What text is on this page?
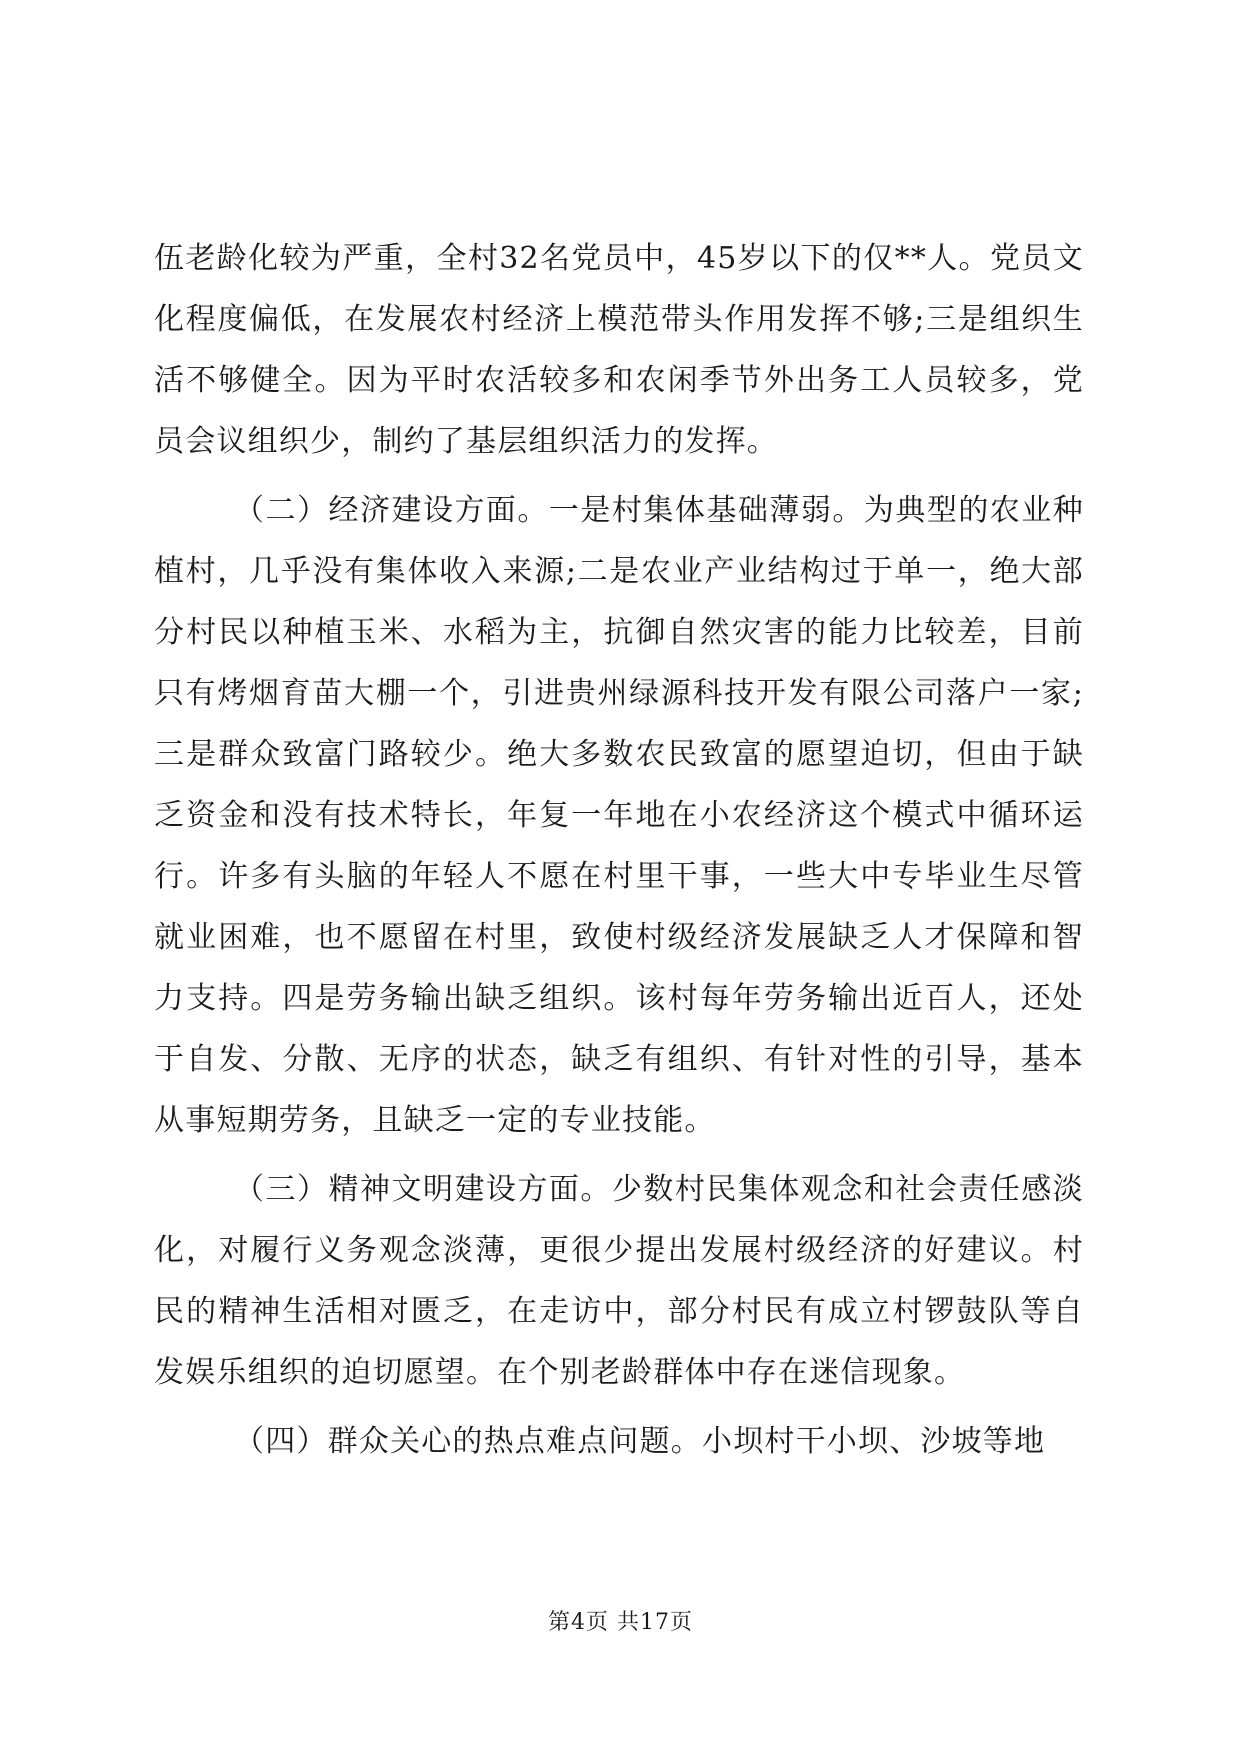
伍老龄化较为严重，全村32名党员中，45岁以下的仅**人。党员文化程度偏低，在发展农村经济上模范带头作用发挥不够;三是组织生活不够健全。因为平时农活较多和农闲季节外出务工人员较多，党员会议组织少，制约了基层组织活力的发挥。

（二）经济建设方面。一是村集体基础薄弱。为典型的农业种植村，几乎没有集体收入来源;二是农业产业结构过于单一，绝大部分村民以种植玉米、水稻为主，抗御自然灾害的能力比较差，目前只有烤烟育苗大棚一个，引进贵州绿源科技开发有限公司落户一家;三是群众致富门路较少。绝大多数农民致富的愿望迫切，但由于缺乏资金和没有技术特长，年复一年地在小农经济这个模式中循环运行。许多有头脑的年轻人不愿在村里干事，一些大中专毕业生尽管就业困难，也不愿留在村里，致使村级经济发展缺乏人才保障和智力支持。四是劳务输出缺乏组织。该村每年劳务输出近百人，还处于自发、分散、无序的状态，缺乏有组织、有针对性的引导，基本从事短期劳务，且缺乏一定的专业技能。

（三）精神文明建设方面。少数村民集体观念和社会责任感淡化，对履行义务观念淡薄，更很少提出发展村级经济的好建议。村民的精神生活相对匮乏，在走访中，部分村民有成立村锣鼓队等自发娱乐组织的迫切愿望。在个别老龄群体中存在迷信现象。

（四）群众关心的热点难点问题。小坝村干小坝、沙坡等地

第4页 共17页
